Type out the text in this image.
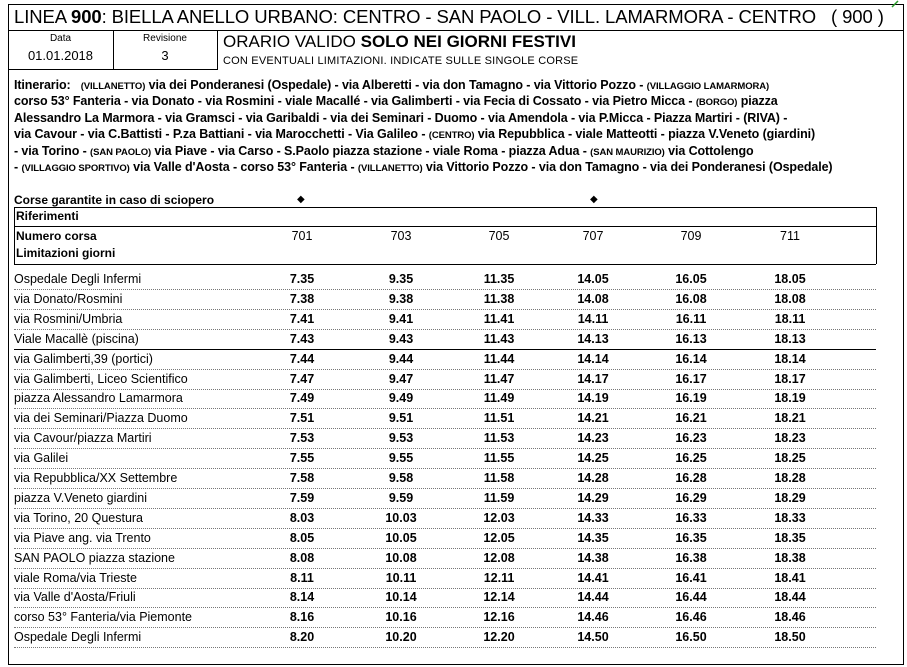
LINEA 900: BIELLA ANELLO URBANO: CENTRO - SAN PAOLO - VILL. LAMARMORA - CENTRO ( 900 )
Data
01.01.2018
Revisione
3
ORARIO VALIDO SOLO NEI GIORNI FESTIVI
CON EVENTUALI LIMITAZIONI. INDICATE SULLE SINGOLE CORSE
Itinerario: (VILLANETTO) via dei Ponderanesi (Ospedale) - via Alberetti - via don Tamagno - via Vittorio Pozzo - (VILLAGGIO LAMARMORA)
corso 53° Fanteria - via Donato - via Rosmini - viale Macallé - via Galimberti - via Fecia di Cossato - via Pietro Micca - (BORGO) piazza
Alessandro La Marmora - via Gramsci - via Garibaldi - via dei Seminari - Duomo - via Amendola - via P.Micca - Piazza Martiri - (RIVA) -
via Cavour - via C.Battisti - P.za Battiani - via Marocchetti - Via Galileo - (CENTRO) via Repubblica - viale Matteotti - piazza V.Veneto (giardini)
- via Torino - (SAN PAOLO) via Piave - via Carso - S.Paolo piazza stazione - viale Roma - piazza Adua - (SAN MAURIZIO) via Cottolengo
- (VILLAGGIO SPORTIVO) via Valle d'Aosta - corso 53° Fanteria - (VILLANETTO) via Vittorio Pozzo - via don Tamagno - via dei Ponderanesi (Ospedale)
Corse garantite in caso di sciopero	◆	◆
Riferimenti
Numero corsa
Limitazioni giorni
701	703	705	707	709	711
Ospedale Degli Infermi	7.35	9.35	11.35	14.05	16.05	18.05
via Donato/Rosmini	7.38	9.38	11.38	14.08	16.08	18.08
via Rosmini/Umbria	7.41	9.41	11.41	14.11	16.11	18.11
Viale Macallè (piscina)	7.43	9.43	11.43	14.13	16.13	18.13
via Galimberti,39 (portici)	7.44	9.44	11.44	14.14	16.14	18.14
via Galimberti, Liceo Scientifico	7.47	9.47	11.47	14.17	16.17	18.17
piazza Alessandro Lamarmora	7.49	9.49	11.49	14.19	16.19	18.19
via dei Seminari/Piazza Duomo	7.51	9.51	11.51	14.21	16.21	18.21
via Cavour/piazza Martiri	7.53	9.53	11.53	14.23	16.23	18.23
via Galilei	7.55	9.55	11.55	14.25	16.25	18.25
via Repubblica/XX Settembre	7.58	9.58	11.58	14.28	16.28	18.28
piazza V.Veneto giardini	7.59	9.59	11.59	14.29	16.29	18.29
via Torino, 20 Questura	8.03	10.03	12.03	14.33	16.33	18.33
via Piave ang. via Trento	8.05	10.05	12.05	14.35	16.35	18.35
SAN PAOLO piazza stazione	8.08	10.08	12.08	14.38	16.38	18.38
viale Roma/via Trieste	8.11	10.11	12.11	14.41	16.41	18.41
via Valle d'Aosta/Friuli	8.14	10.14	12.14	14.44	16.44	18.44
corso 53° Fanteria/via Piemonte	8.16	10.16	12.16	14.46	16.46	18.46
Ospedale Degli Infermi	8.20	10.20	12.20	14.50	16.50	18.50
